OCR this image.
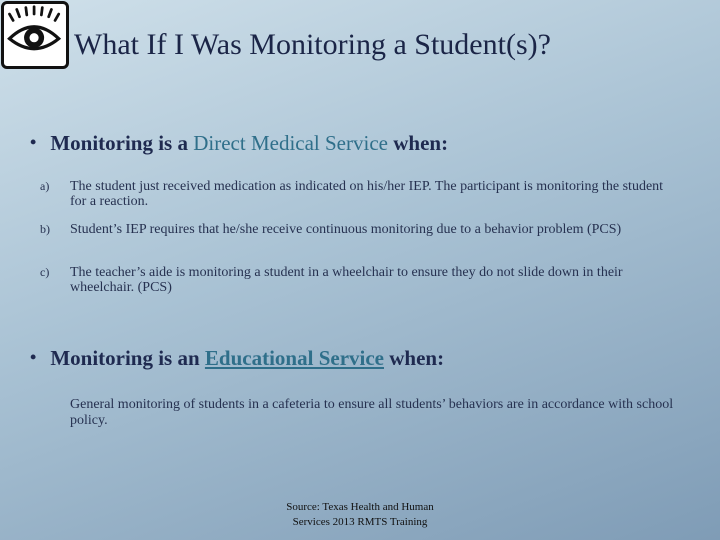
What If I Was Monitoring a Student(s)?
• Monitoring is a Direct Medical Service when:
a) The student just received medication as indicated on his/her IEP. The participant is monitoring the student for a reaction.
b) Student’s IEP requires that he/she receive continuous monitoring due to a behavior problem (PCS)
c) The teacher’s aide is monitoring a student in a wheelchair to ensure they do not slide down in their wheelchair. (PCS)
• Monitoring is an Educational Service when:
General monitoring of students in a cafeteria to ensure all students’ behaviors are in accordance with school policy.
Source: Texas Health and Human
Services 2013 RMTS Training
